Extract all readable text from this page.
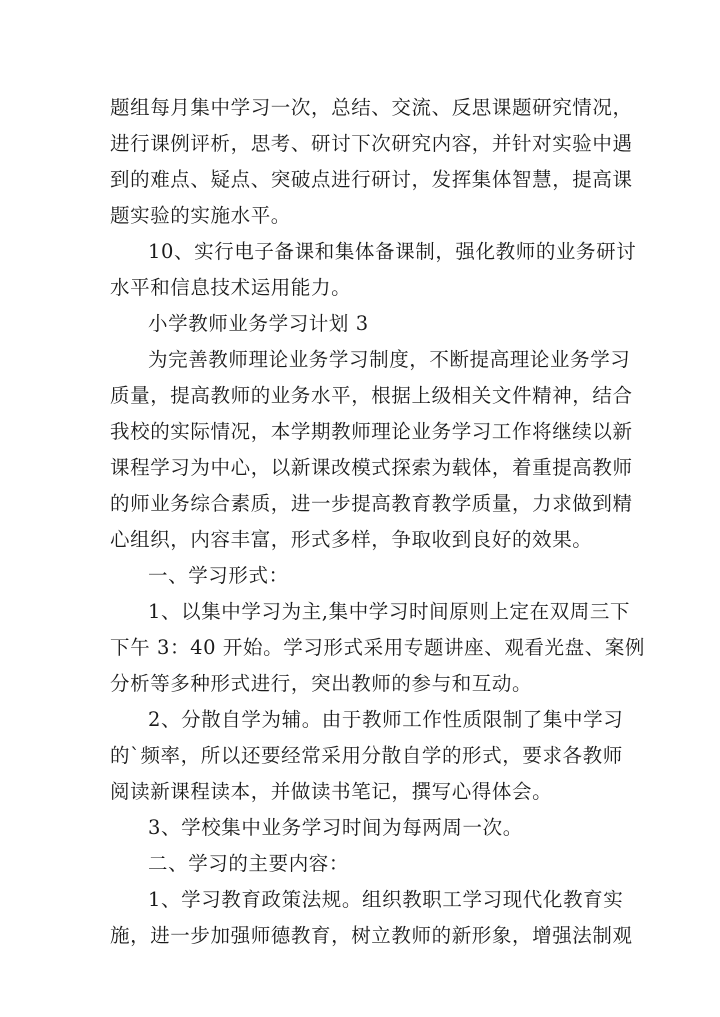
题组每月集中学习一次，总结、交流、反思课题研究情况，
进行课例评析，思考、研讨下次研究内容，并针对实验中遇
到的难点、疑点、突破点进行研讨，发挥集体智慧，提高课
题实验的实施水平。
10、实行电子备课和集体备课制，强化教师的业务研讨
水平和信息技术运用能力。
小学教师业务学习计划 3
为完善教师理论业务学习制度，不断提高理论业务学习
质量，提高教师的业务水平，根据上级相关文件精神，结合
我校的实际情况，本学期教师理论业务学习工作将继续以新
课程学习为中心，以新课改模式探索为载体，着重提高教师
的师业务综合素质，进一步提高教育教学质量，力求做到精
心组织，内容丰富，形式多样，争取收到良好的效果。
一、学习形式：
1、以集中学习为主,集中学习时间原则上定在双周三下
下午 3：40 开始。学习形式采用专题讲座、观看光盘、案例
分析等多种形式进行，突出教师的参与和互动。
2、分散自学为辅。由于教师工作性质限制了集中学习
的`频率，所以还要经常采用分散自学的形式，要求各教师
阅读新课程读本，并做读书笔记，撰写心得体会。
3、学校集中业务学习时间为每两周一次。
二、学习的主要内容：
1、学习教育政策法规。组织教职工学习现代化教育实
施，进一步加强师德教育，树立教师的新形象，增强法制观
